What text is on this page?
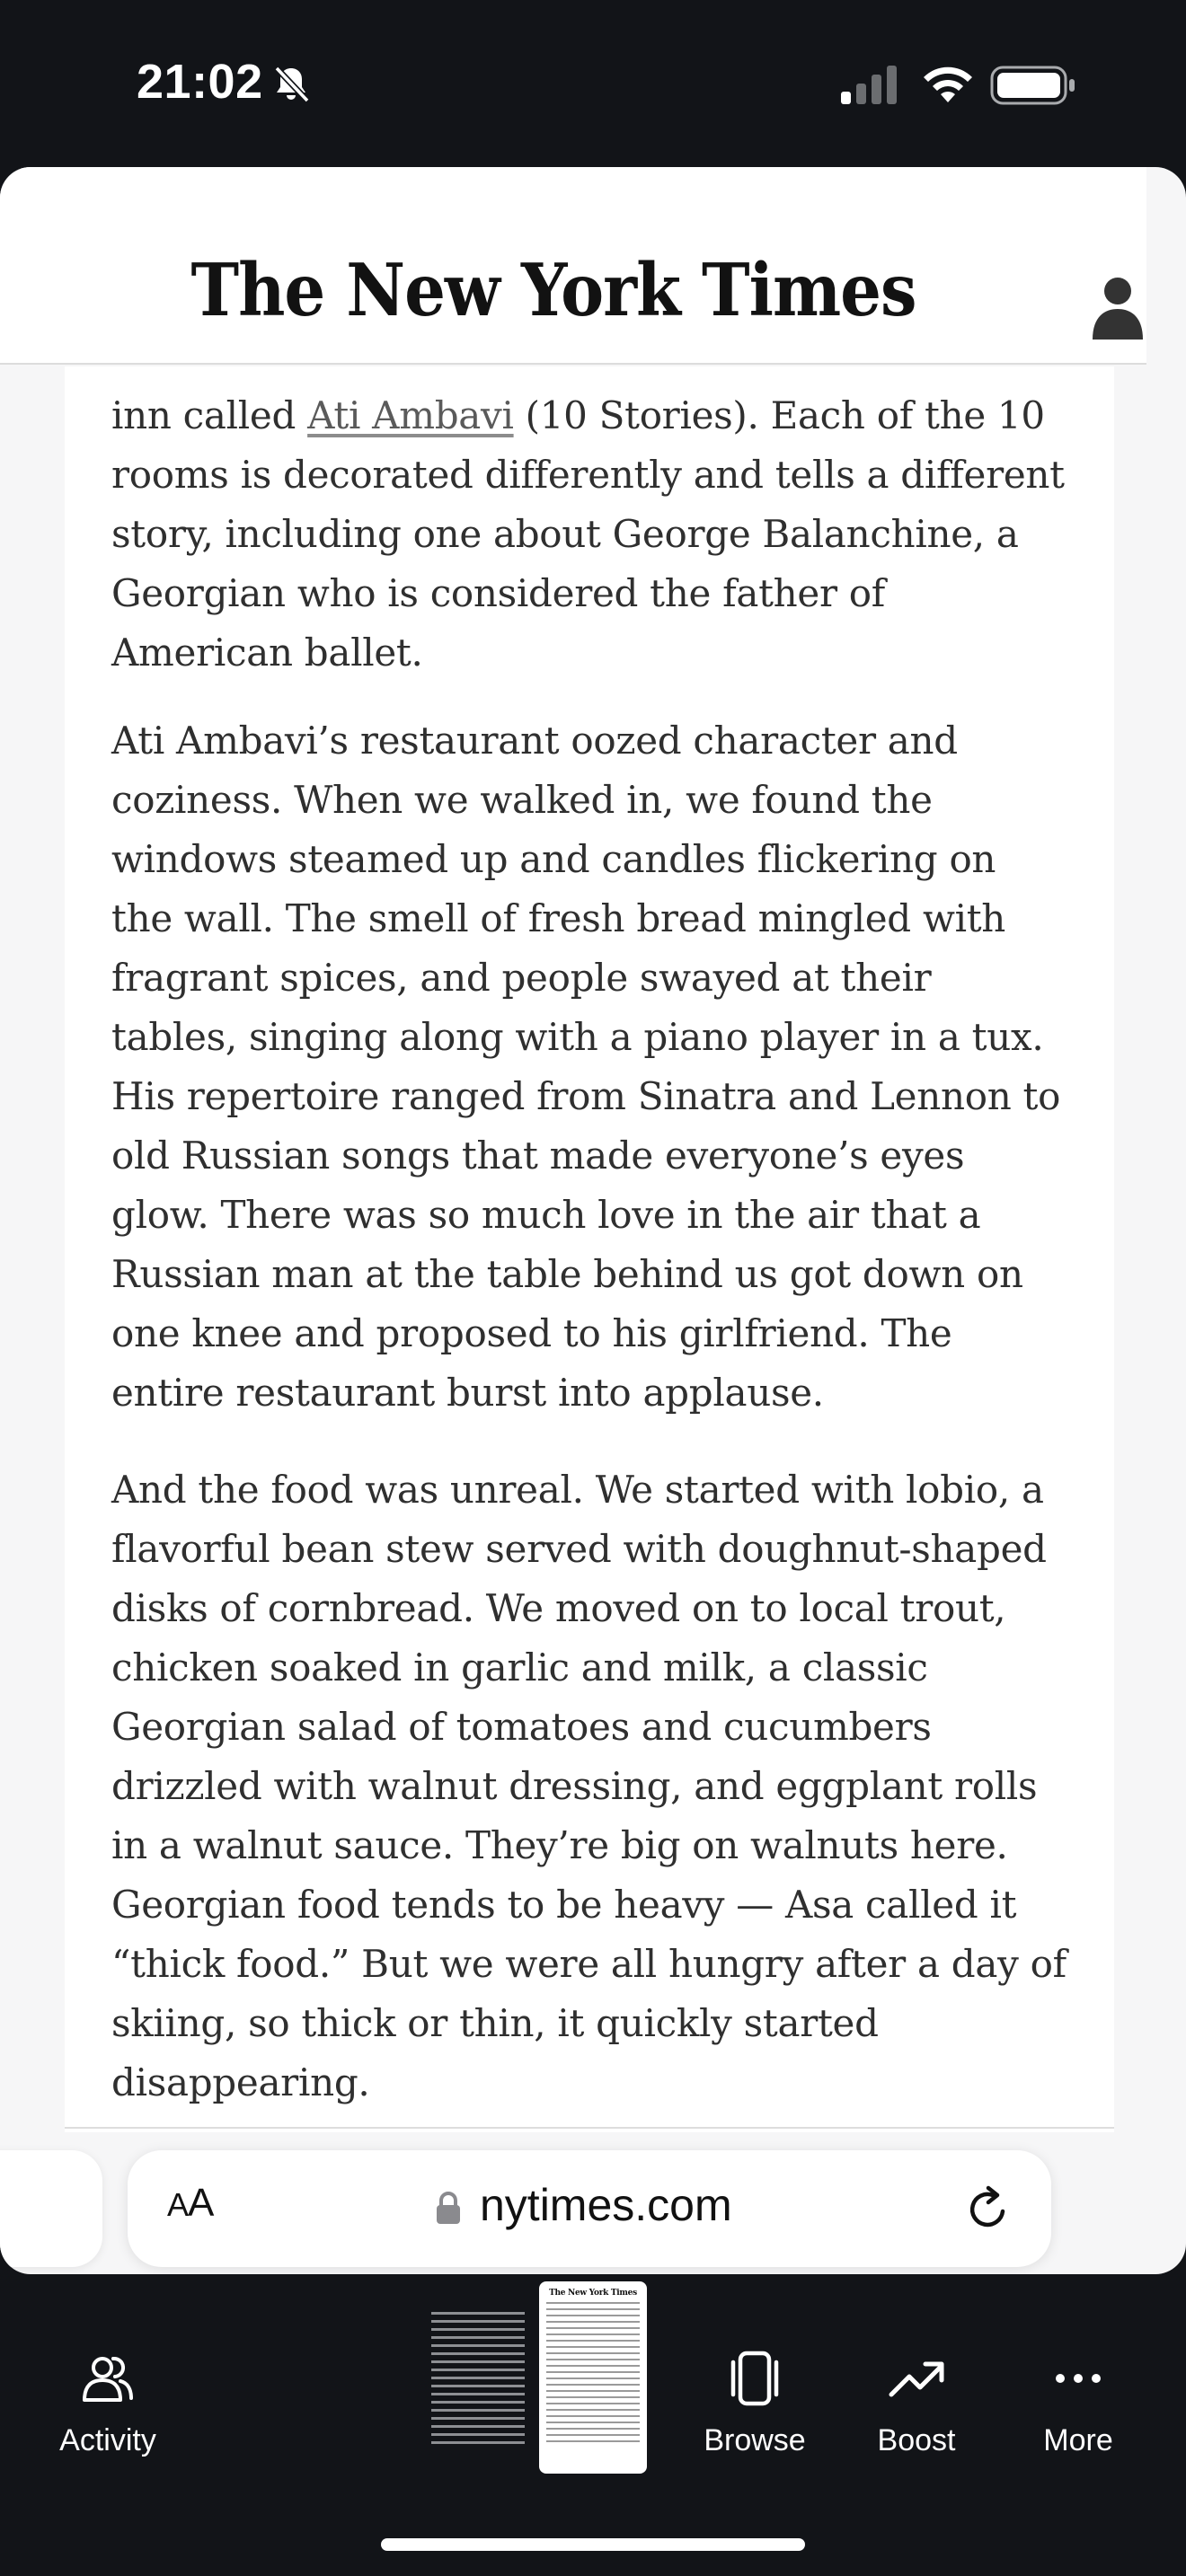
21:02
The New York Times

inn called Ati Ambavi (10 Stories). Each of the 10 rooms is decorated differently and tells a different story, including one about George Balanchine, a Georgian who is considered the father of American ballet.

Ati Ambavi’s restaurant oozed character and coziness. When we walked in, we found the windows steamed up and candles flickering on the wall. The smell of fresh bread mingled with fragrant spices, and people swayed at their tables, singing along with a piano player in a tux. His repertoire ranged from Sinatra and Lennon to old Russian songs that made everyone’s eyes glow. There was so much love in the air that a Russian man at the table behind us got down on one knee and proposed to his girlfriend. The entire restaurant burst into applause.

And the food was unreal. We started with lobio, a flavorful bean stew served with doughnut-shaped disks of cornbread. We moved on to local trout, chicken soaked in garlic and milk, a classic Georgian salad of tomatoes and cucumbers drizzled with walnut dressing, and eggplant rolls in a walnut sauce. They’re big on walnuts here. Georgian food tends to be heavy — Asa called it “thick food.” But we were all hungry after a day of skiing, so thick or thin, it quickly started disappearing.

AA	nytimes.com
Activity
The New York Times
Browse	Boost	More
